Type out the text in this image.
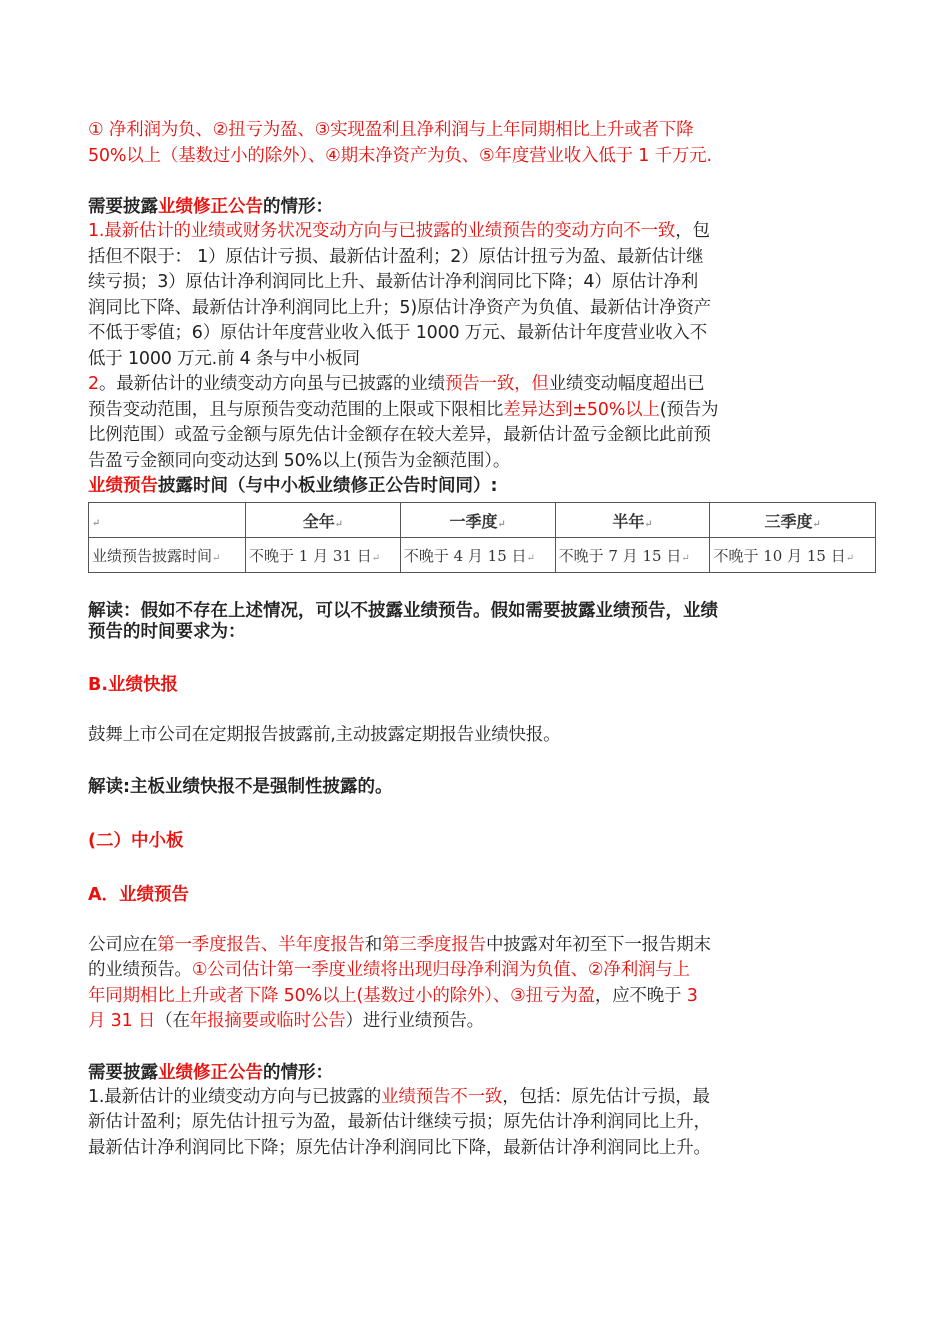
① 净利润为负、②扭亏为盈、③实现盈利且净利润与上年同期相比上升或者下降
50%以上（基数过小的除外）、④期末净资产为负、⑤年度营业收入低于 1 千万元.
需要披露业绩修正公告的情形：
1.最新估计的业绩或财务状况变动方向与已披露的业绩预告的变动方向不一致，包
括但不限于： 1）原估计亏损、最新估计盈利；2）原估计扭亏为盈、最新估计继
续亏损；3）原估计净利润同比上升、最新估计净利润同比下降；4）原估计净利
润同比下降、最新估计净利润同比上升；5)原估计净资产为负值、最新估计净资产
不低于零值；6）原估计年度营业收入低于 1000 万元、最新估计年度营业收入不
低于 1000 万元.前 4 条与中小板同
2。最新估计的业绩变动方向虽与已披露的业绩预告一致，但业绩变动幅度超出已
预告变动范围，且与原预告变动范围的上限或下限相比差异达到±50%以上(预告为
比例范围）或盈亏金额与原先估计金额存在较大差异，最新估计盈亏金额比此前预
告盈亏金额同向变动达到 50%以上(预告为金额范围）。
业绩预告披露时间（与中小板业绩修正公告时间同）:
↵	全年↵	一季度↵	半年↵	三季度↵
业绩预告披露时间↵	不晚于 1 月 31 日↵	不晚于 4 月 15 日↵	不晚于 7 月 15 日↵	不晚于 10 月 15 日↵
解读：假如不存在上述情况，可以不披露业绩预告。假如需要披露业绩预告，业绩
预告的时间要求为：
B.业绩快报
鼓舞上市公司在定期报告披露前,主动披露定期报告业绩快报。
解读:主板业绩快报不是强制性披露的。
(二）中小板
A．业绩预告
公司应在第一季度报告、半年度报告和第三季度报告中披露对年初至下一报告期末
的业绩预告。①公司估计第一季度业绩将出现归母净利润为负值、②净利润与上
年同期相比上升或者下降 50%以上(基数过小的除外）、③扭亏为盈，应不晚于 3
月 31 日（在年报摘要或临时公告）进行业绩预告。
需要披露业绩修正公告的情形：
1.最新估计的业绩变动方向与已披露的业绩预告不一致，包括：原先估计亏损，最
新估计盈利；原先估计扭亏为盈，最新估计继续亏损；原先估计净利润同比上升，
最新估计净利润同比下降；原先估计净利润同比下降，最新估计净利润同比上升。
